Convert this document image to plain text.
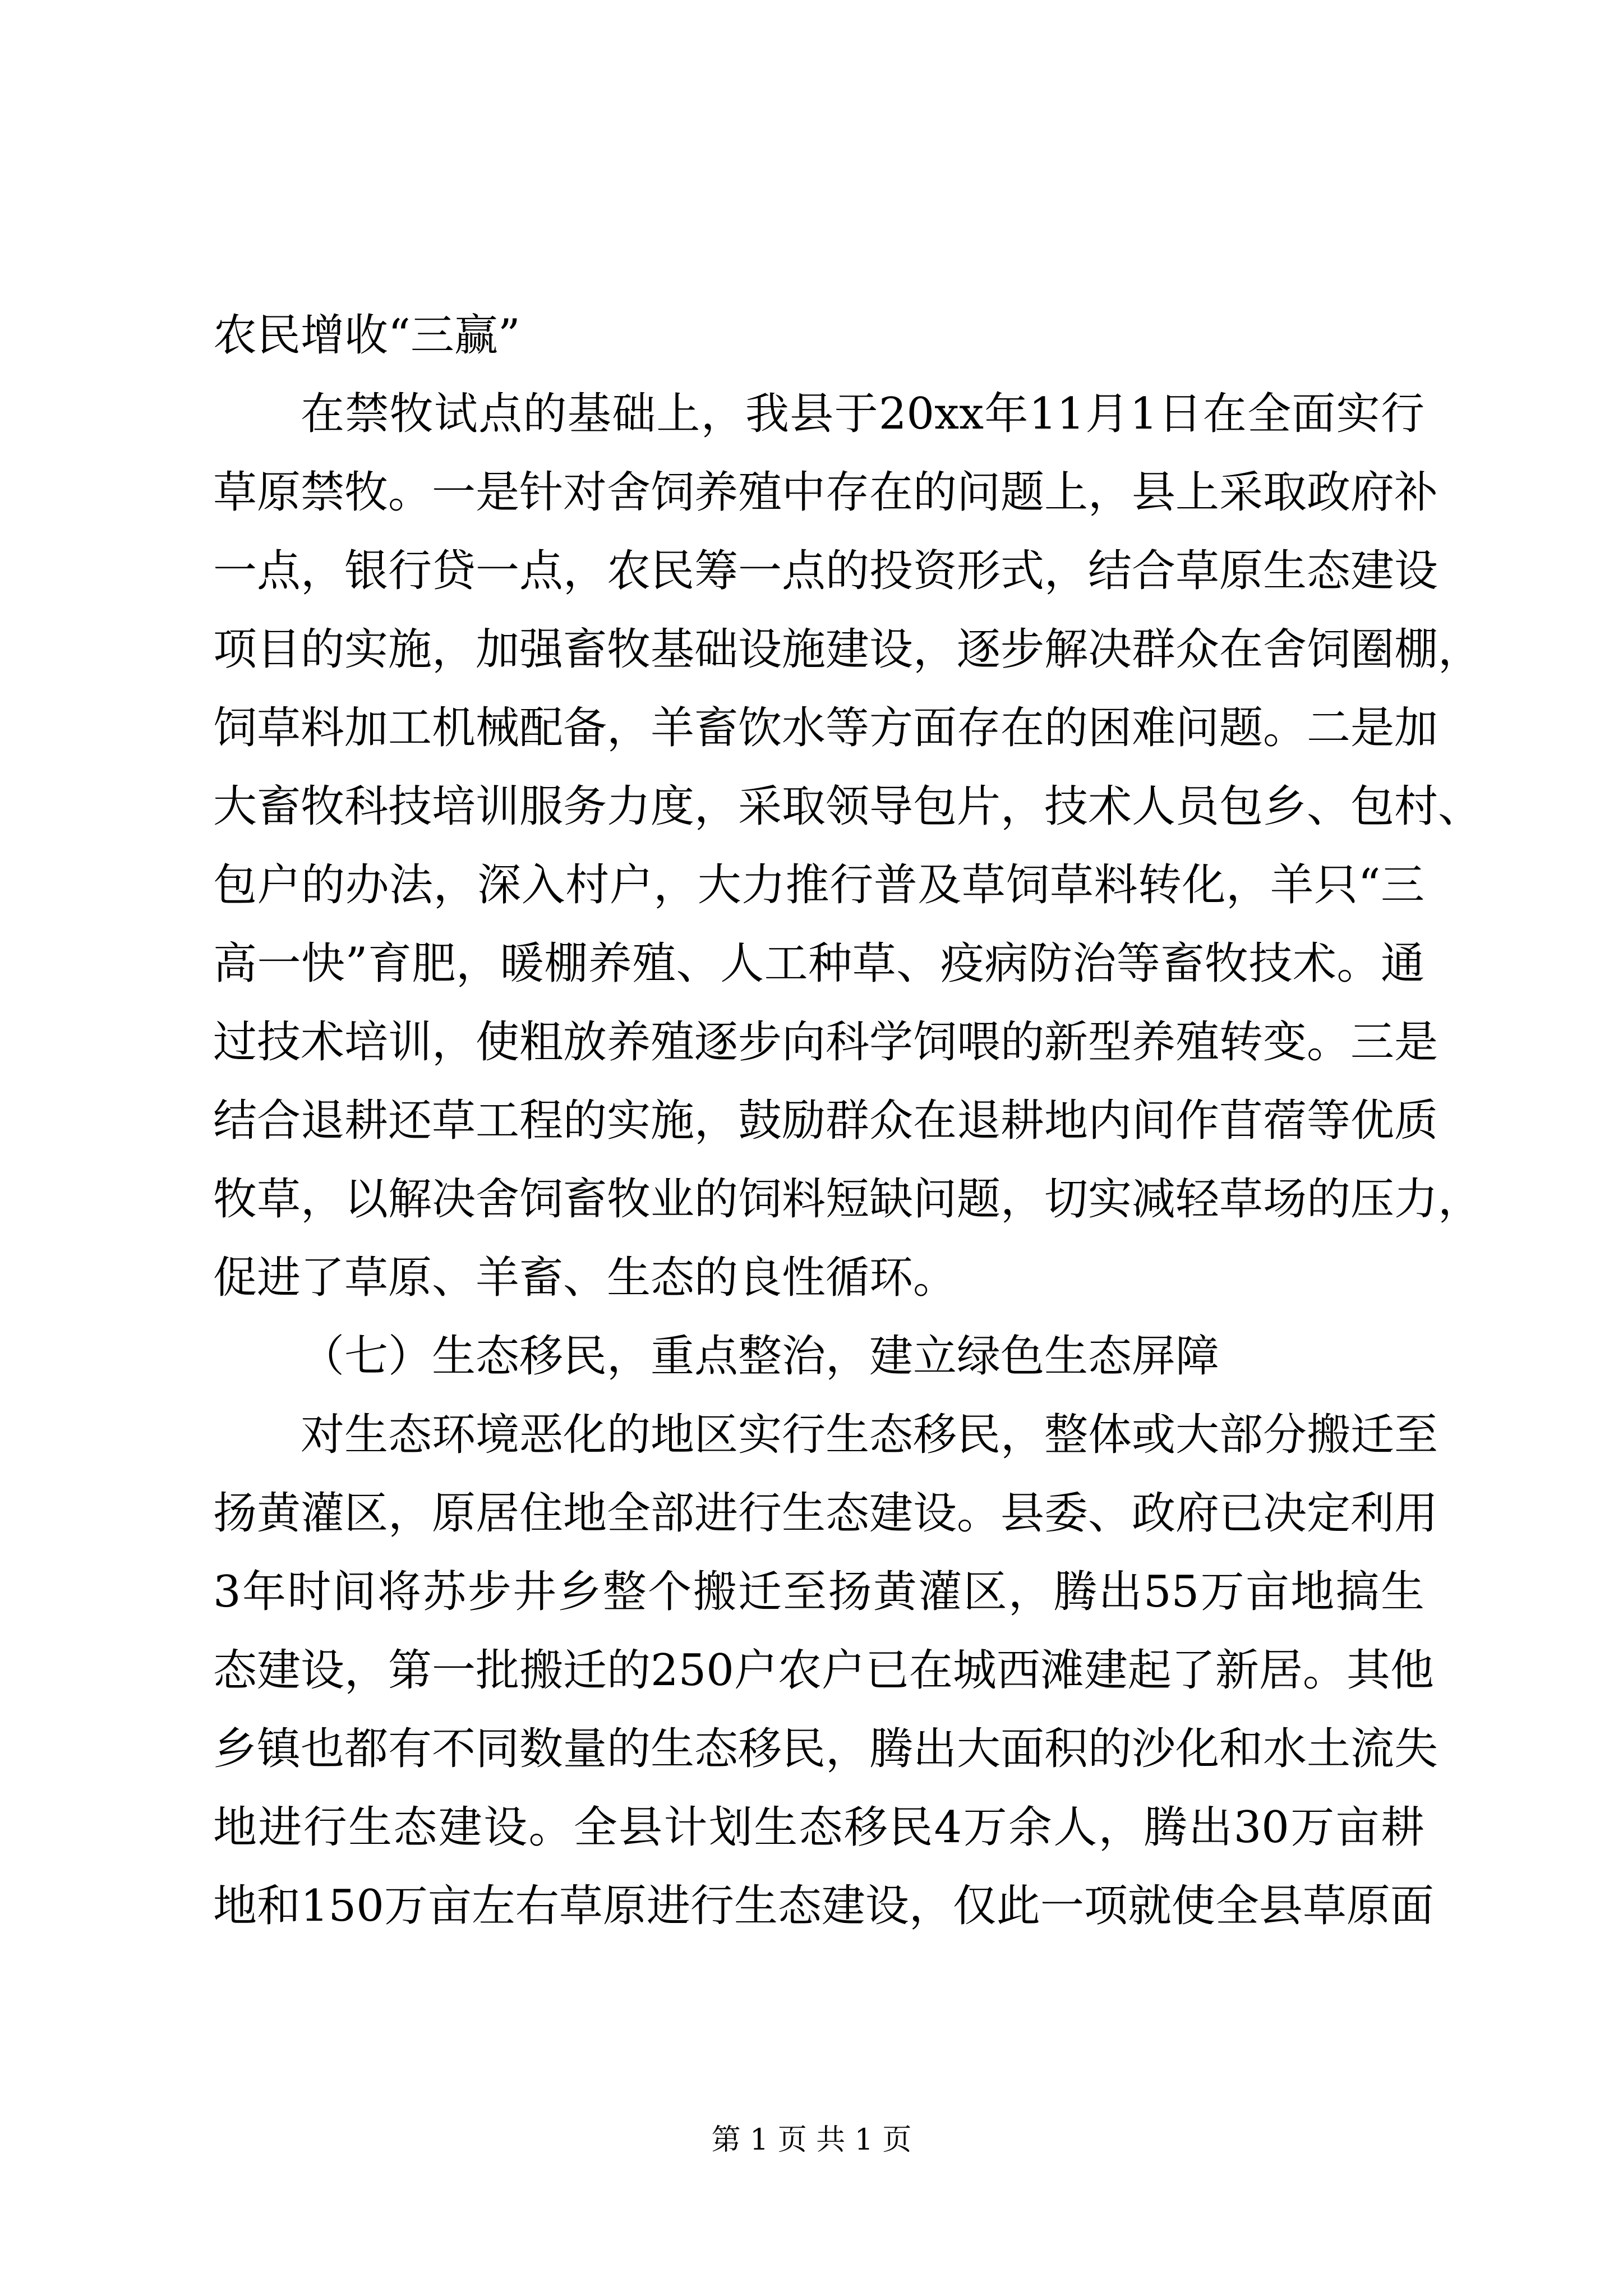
农民增收“三赢”
在禁牧试点的基础上，我县于20xx年11月1日在全面实行
草原禁牧。一是针对舍饲养殖中存在的问题上，县上采取政府补
一点，银行贷一点，农民筹一点的投资形式，结合草原生态建设
项目的实施，加强畜牧基础设施建设，逐步解决群众在舍饲圈棚，
饲草料加工机械配备，羊畜饮水等方面存在的困难问题。二是加
大畜牧科技培训服务力度，采取领导包片，技术人员包乡、包村、
包户的办法，深入村户，大力推行普及草饲草料转化，羊只“三
高一快”育肥，暖棚养殖、人工种草、疫病防治等畜牧技术。通
过技术培训，使粗放养殖逐步向科学饲喂的新型养殖转变。三是
结合退耕还草工程的实施，鼓励群众在退耕地内间作苜蓿等优质
牧草，以解决舍饲畜牧业的饲料短缺问题，切实减轻草场的压力，
促进了草原、羊畜、生态的良性循环。
（七）生态移民，重点整治，建立绿色生态屏障
对生态环境恶化的地区实行生态移民，整体或大部分搬迁至
扬黄灌区，原居住地全部进行生态建设。县委、政府已决定利用
3年时间将苏步井乡整个搬迁至扬黄灌区，腾出55万亩地搞生
态建设，第一批搬迁的250户农户已在城西滩建起了新居。其他
乡镇也都有不同数量的生态移民，腾出大面积的沙化和水土流失
地进行生态建设。全县计划生态移民4万余人，腾出30万亩耕
地和150万亩左右草原进行生态建设，仅此一项就使全县草原面
第 1 页 共 1 页
